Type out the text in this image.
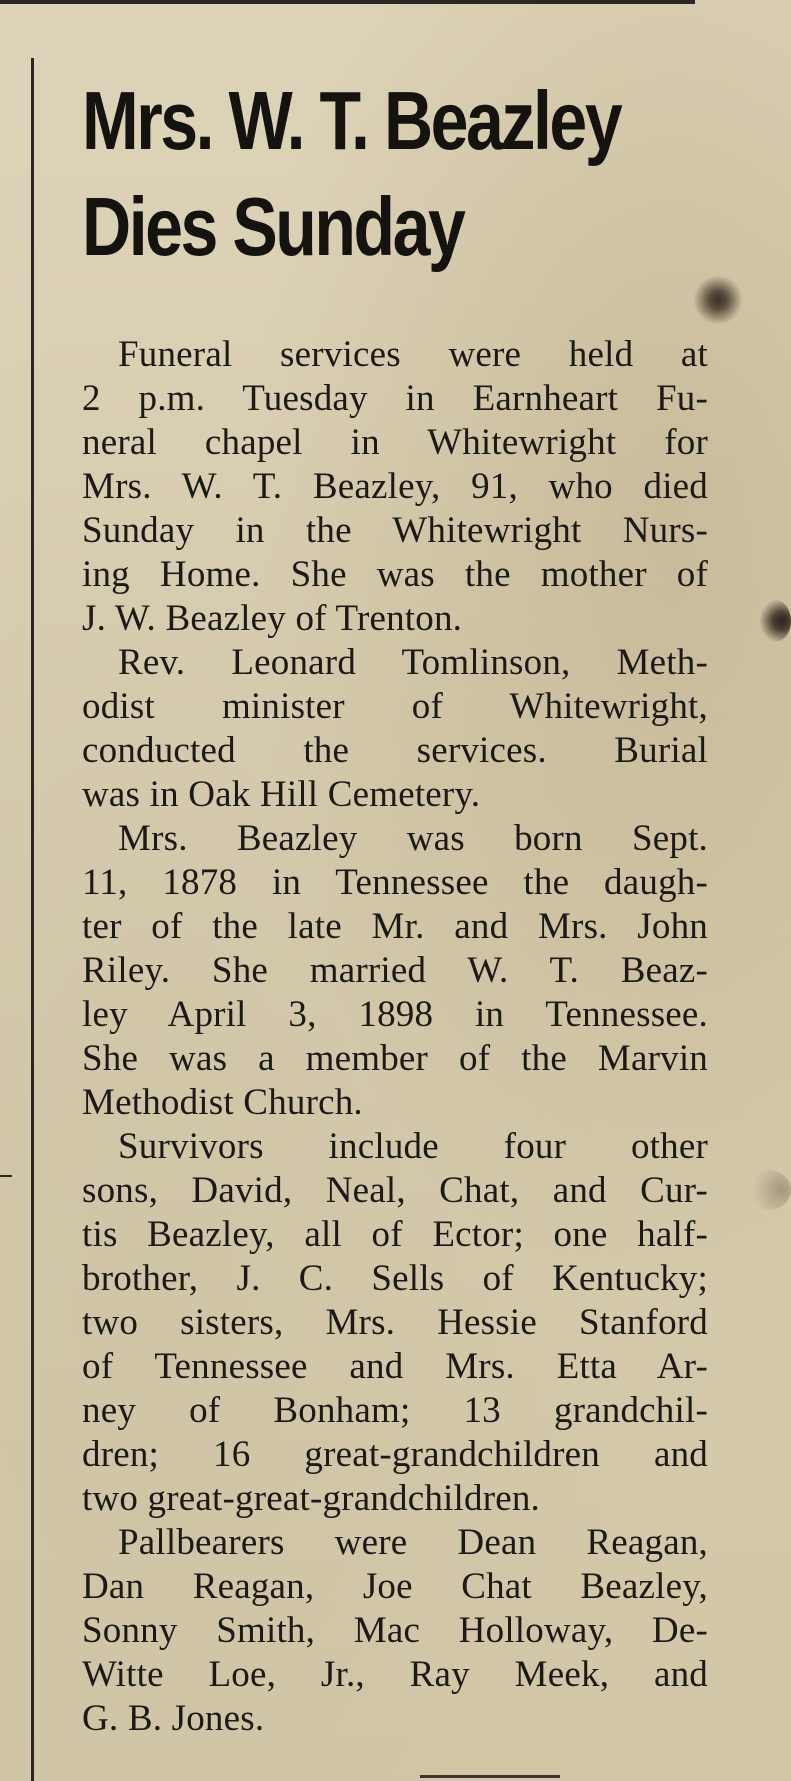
Mrs. W. T. Beazley
Dies Sunday
Funeral services were held at
2 p.m. Tuesday in Earnheart Fu-
neral chapel in Whitewright for
Mrs. W. T. Beazley, 91, who died
Sunday in the Whitewright Nurs-
ing Home. She was the mother of
J. W. Beazley of Trenton.
Rev. Leonard Tomlinson, Meth-
odist minister of Whitewright,
conducted the services. Burial
was in Oak Hill Cemetery.
Mrs. Beazley was born Sept.
11, 1878 in Tennessee the daugh-
ter of the late Mr. and Mrs. John
Riley. She married W. T. Beaz-
ley April 3, 1898 in Tennessee.
She was a member of the Marvin
Methodist Church.
Survivors include four other
sons, David, Neal, Chat, and Cur-
tis Beazley, all of Ector; one half-
brother, J. C. Sells of Kentucky;
two sisters, Mrs. Hessie Stanford
of Tennessee and Mrs. Etta Ar-
ney of Bonham; 13 grandchil-
dren; 16 great-grandchildren and
two great-great-grandchildren.
Pallbearers were Dean Reagan,
Dan Reagan, Joe Chat Beazley,
Sonny Smith, Mac Holloway, De-
Witte Loe, Jr., Ray Meek, and
G. B. Jones.
